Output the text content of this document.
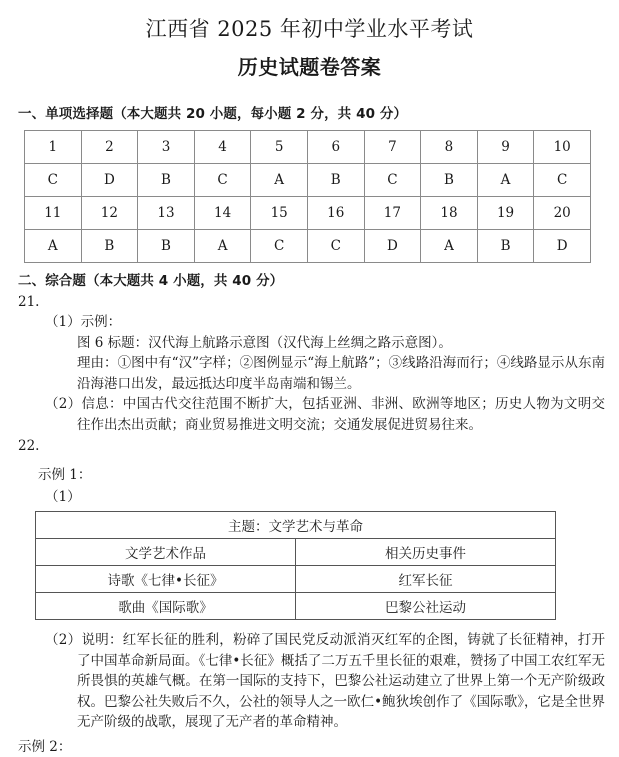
江西省 2025 年初中学业水平考试
历史试题卷答案
一、单项选择题（本大题共 20 小题，每小题 2 分，共 40 分）
1	2	3	4	5	6	7	8	9	10
C	D	B	C	A	B	C	B	A	C
11	12	13	14	15	16	17	18	19	20
A	B	B	A	C	C	D	A	B	D
二、综合题（本大题共 4 小题，共 40 分）
21.
（1）示例：
图 6 标题：汉代海上航路示意图（汉代海上丝绸之路示意图）。
理由：①图中有“汉”字样；②图例显示“海上航路”；③线路沿海而行；④线路显示从东南沿海港口出发，最远抵达印度半岛南端和锡兰。
（2）信息：中国古代交往范围不断扩大，包括亚洲、非洲、欧洲等地区；历史人物为文明交往作出杰出贡献；商业贸易推进文明交流；交通发展促进贸易往来。
22.
示例 1：
（1）
主题：文学艺术与革命	
文学艺术作品	相关历史事件
诗歌《七律•长征》	红军长征
歌曲《国际歌》	巴黎公社运动
（2）说明：红军长征的胜利，粉碎了国民党反动派消灭红军的企图，铸就了长征精神，打开了中国革命新局面。《七律•长征》概括了二万五千里长征的艰难，赞扬了中国工农红军无所畏惧的英雄气概。在第一国际的支持下，巴黎公社运动建立了世界上第一个无产阶级政权。巴黎公社失败后不久，公社的领导人之一欧仁•鲍狄埃创作了《国际歌》，它是全世界无产阶级的战歌，展现了无产者的革命精神。
示例 2：
